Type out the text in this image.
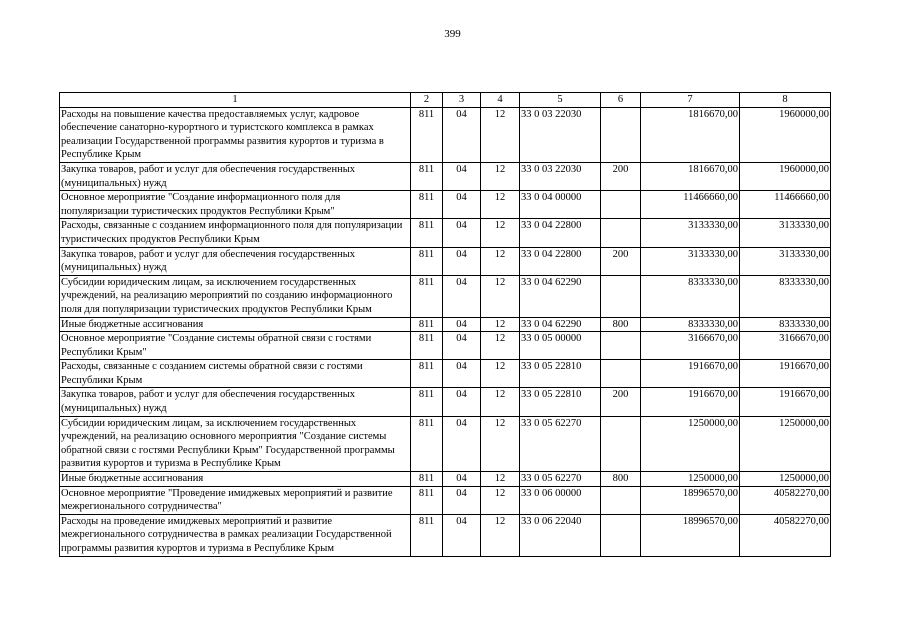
399
1	2	3	4	5	6	7	8
Расходы на повышение качества предоставляемых услуг, кадровое обеспечение санаторно-курортного и туристского комплекса в рамках реализации Государственной программы развития курортов и туризма в Республике Крым	811	04	12	33 0 03 22030		1816670,00	1960000,00
Закупка товаров, работ и услуг для обеспечения государственных (муниципальных) нужд	811	04	12	33 0 03 22030	200	1816670,00	1960000,00
Основное мероприятие "Создание информационного поля для популяризации туристических продуктов Республики Крым"	811	04	12	33 0 04 00000		11466660,00	11466660,00
Расходы, связанные с созданием информационного поля для популяризации туристических продуктов Республики Крым	811	04	12	33 0 04 22800		3133330,00	3133330,00
Закупка товаров, работ и услуг для обеспечения государственных (муниципальных) нужд	811	04	12	33 0 04 22800	200	3133330,00	3133330,00
Субсидии юридическим лицам, за исключением государственных учреждений, на реализацию мероприятий по созданию информационного поля для популяризации туристических продуктов Республики Крым	811	04	12	33 0 04 62290		8333330,00	8333330,00
Иные бюджетные ассигнования	811	04	12	33 0 04 62290	800	8333330,00	8333330,00
Основное мероприятие "Создание системы обратной связи с гостями Республики Крым"	811	04	12	33 0 05 00000		3166670,00	3166670,00
Расходы, связанные с созданием системы обратной связи с гостями Республики Крым	811	04	12	33 0 05 22810		1916670,00	1916670,00
Закупка товаров, работ и услуг для обеспечения государственных (муниципальных) нужд	811	04	12	33 0 05 22810	200	1916670,00	1916670,00
Субсидии юридическим лицам, за исключением государственных учреждений, на реализацию основного мероприятия "Создание системы обратной связи с гостями Республики Крым" Государственной программы развития курортов и туризма в Республике Крым	811	04	12	33 0 05 62270		1250000,00	1250000,00
Иные бюджетные ассигнования	811	04	12	33 0 05 62270	800	1250000,00	1250000,00
Основное мероприятие "Проведение имиджевых мероприятий и развитие межрегионального сотрудничества"	811	04	12	33 0 06 00000		18996570,00	40582270,00
Расходы на проведение имиджевых мероприятий и развитие межрегионального сотрудничества в рамках реализации Государственной программы развития курортов и туризма в Республике Крым	811	04	12	33 0 06 22040		18996570,00	40582270,00
